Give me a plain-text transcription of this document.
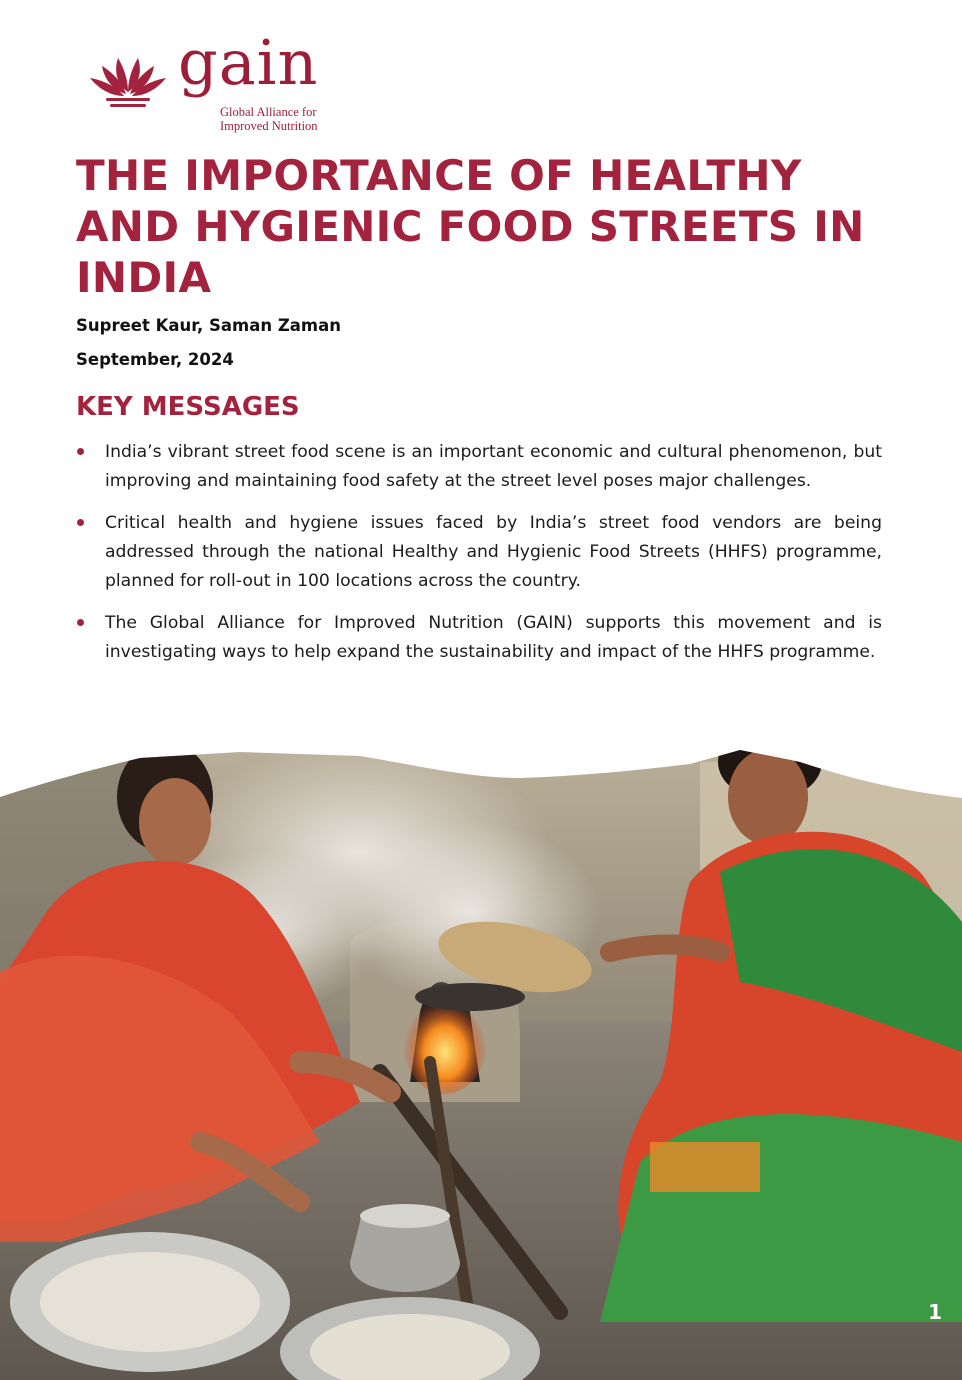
gain
Global Alliance for
Improved Nutrition
THE IMPORTANCE OF HEALTHY AND HYGIENIC FOOD STREETS IN INDIA
Supreet Kaur, Saman Zaman
September, 2024
KEY MESSAGES
India’s vibrant street food scene is an important economic and cultural phenomenon, but improving and maintaining food safety at the street level poses major challenges.
Critical health and hygiene issues faced by India’s street food vendors are being addressed through the national Healthy and Hygienic Food Streets (HHFS) programme, planned for roll-out in 100 locations across the country.
The Global Alliance for Improved Nutrition (GAIN) supports this movement and is investigating ways to help expand the sustainability and impact of the HHFS programme.
1
